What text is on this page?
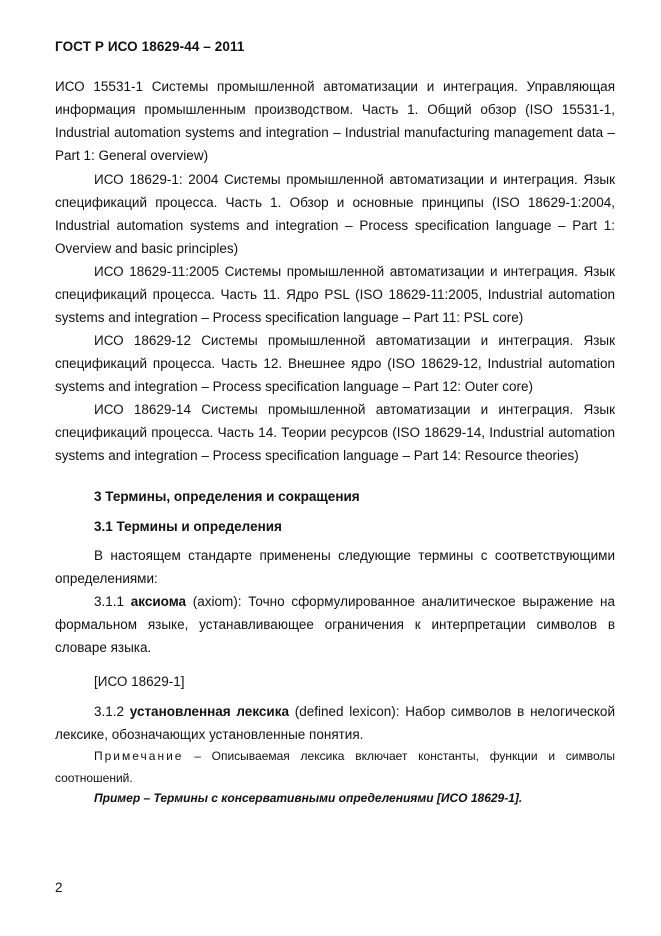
ГОСТ Р ИСО 18629-44 – 2011
ИСО 15531-1 Системы промышленной автоматизации и интеграция. Управляющая
информация промышленным производством. Часть 1. Общий обзор (ISO 15531-1,
Industrial automation systems and integration – Industrial manufacturing management data –
Part 1: General overview)
ИСО 18629-1: 2004 Системы промышленной автоматизации и интеграция. Язык
спецификаций процесса. Часть 1. Обзор и основные принципы (ISO 18629-1:2004,
Industrial automation systems and integration – Process specification language – Part 1:
Overview and basic principles)
ИСО 18629-11:2005 Системы промышленной автоматизации и интеграция. Язык
спецификаций процесса. Часть 11. Ядро PSL (ISO 18629-11:2005, Industrial automation
systems and integration – Process specification language – Part 11: PSL core)
ИСО 18629-12 Системы промышленной автоматизации и интеграция. Язык
спецификаций процесса. Часть 12. Внешнее ядро (ISO 18629-12, Industrial automation
systems and integration – Process specification language – Part 12: Outer core)
ИСО 18629-14 Системы промышленной автоматизации и интеграция. Язык
спецификаций процесса. Часть 14. Теории ресурсов (ISO 18629-14, Industrial automation
systems and integration – Process specification language – Part 14: Resource theories)
3 Термины, определения и сокращения
3.1 Термины и определения
В настоящем стандарте применены следующие термины с соответствующими
определениями:
3.1.1 аксиома (axiom): Точно сформулированное аналитическое выражение на
формальном языке, устанавливающее ограничения к интерпретации символов в
словаре языка.
[ИСО 18629-1]
3.1.2 установленная лексика (defined lexicon): Набор символов в нелогической
лексике, обозначающих установленные понятия.
Примечание – Описываемая лексика включает константы, функции и символы
соотношений.
Пример – Термины с консервативными определениями [ИСО 18629-1].
2
